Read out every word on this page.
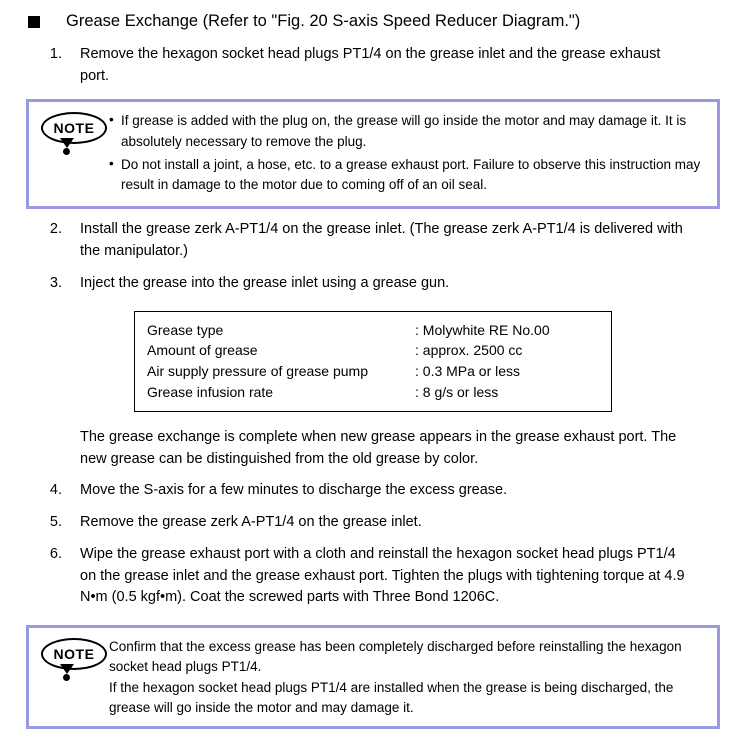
Grease Exchange (Refer to "Fig. 20 S-axis Speed Reducer Diagram.")
1. Remove the hexagon socket head plugs PT1/4 on the grease inlet and the grease exhaust port.
NOTE	• If grease is added with the plug on, the grease will go inside the motor and may damage it. It is absolutely necessary to remove the plug.
• Do not install a joint, a hose, etc. to a grease exhaust port. Failure to observe this instruction may result in damage to the motor due to coming off of an oil seal.
2. Install the grease zerk A-PT1/4 on the grease inlet. (The grease zerk A-PT1/4 is delivered with the manipulator.)
3. Inject the grease into the grease inlet using a grease gun.
Grease type	: Molywhite RE No.00
Amount of grease	: approx. 2500 cc
Air supply pressure of grease pump	: 0.3 MPa or less
Grease infusion rate	: 8 g/s or less
The grease exchange is complete when new grease appears in the grease exhaust port. The new grease can be distinguished from the old grease by color.
4. Move the S-axis for a few minutes to discharge the excess grease.
5. Remove the grease zerk A-PT1/4 on the grease inlet.
6. Wipe the grease exhaust port with a cloth and reinstall the hexagon socket head plugs PT1/4 on the grease inlet and the grease exhaust port. Tighten the plugs with tightening torque at 4.9 N•m (0.5 kgf•m). Coat the screwed parts with Three Bond 1206C.
NOTE	Confirm that the excess grease has been completely discharged before reinstalling the hexagon socket head plugs PT1/4.

If the hexagon socket head plugs PT1/4 are installed when the grease is being discharged, the grease will go inside the motor and may damage it.
